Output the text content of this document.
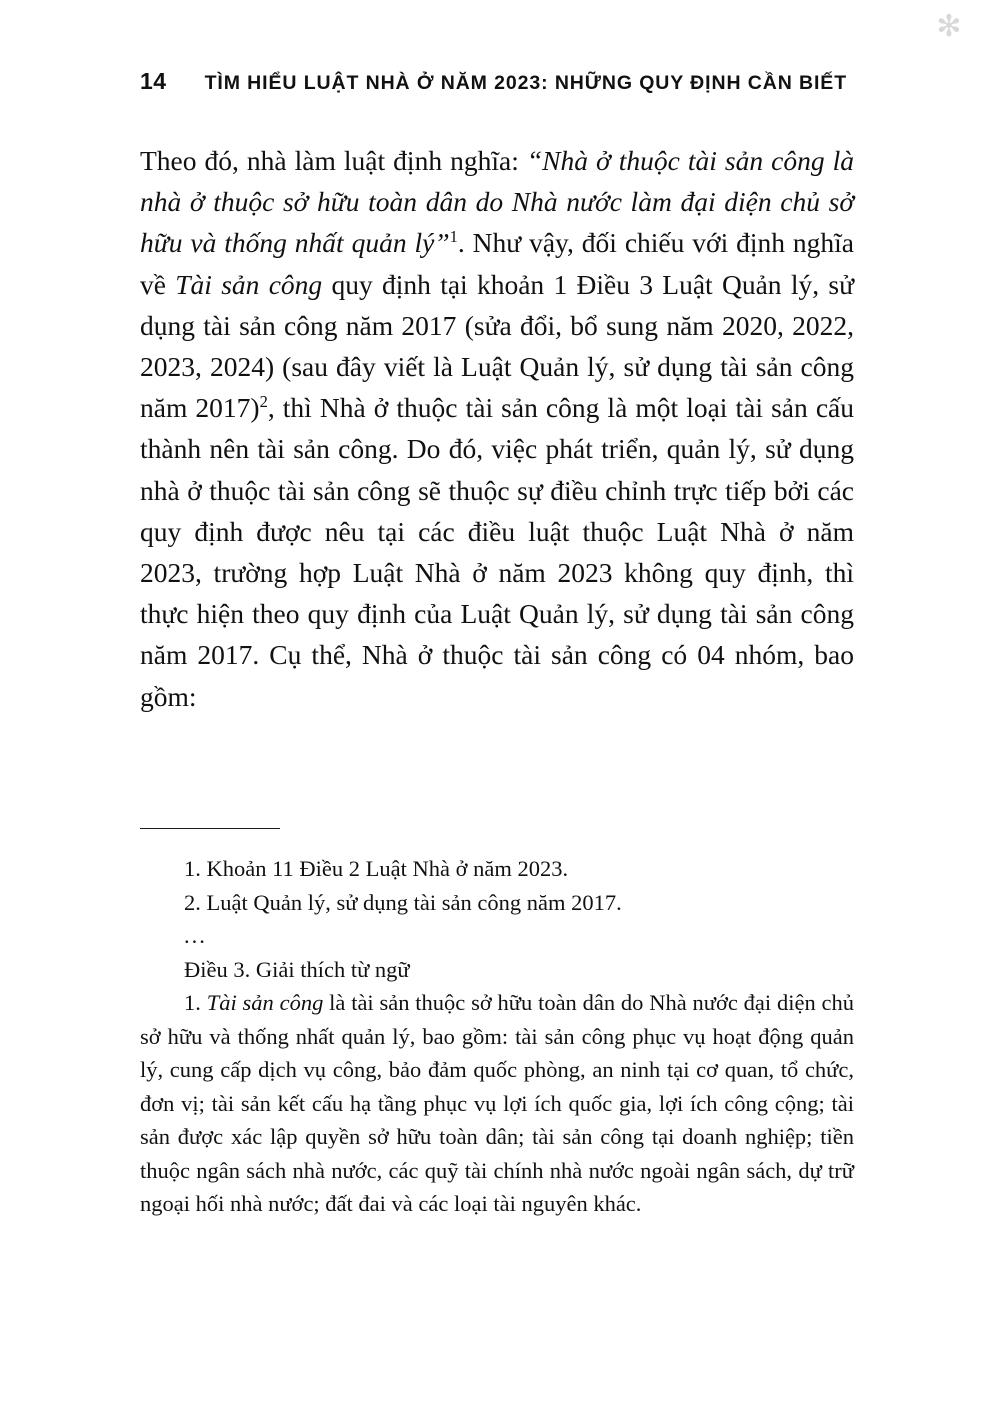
✻
14 TÌM HIỂU LUẬT NHÀ Ở NĂM 2023: NHỮNG QUY ĐỊNH CẦN BIẾT

Theo đó, nhà làm luật định nghĩa: “Nhà ở thuộc tài sản công là nhà ở thuộc sở hữu toàn dân do Nhà nước làm đại diện chủ sở hữu và thống nhất quản lý”$^1$. Như vậy, đối chiếu với định nghĩa về Tài sản công quy định tại khoản 1 Điều 3 Luật Quản lý, sử dụng tài sản công năm 2017 (sửa đổi, bổ sung năm 2020, 2022, 2023, 2024) (sau đây viết là Luật Quản lý, sử dụng tài sản công năm 2017)$^2$, thì Nhà ở thuộc tài sản công là một loại tài sản cấu thành nên tài sản công. Do đó, việc phát triển, quản lý, sử dụng nhà ở thuộc tài sản công sẽ thuộc sự điều chỉnh trực tiếp bởi các quy định được nêu tại các điều luật thuộc Luật Nhà ở năm 2023, trường hợp Luật Nhà ở năm 2023 không quy định, thì thực hiện theo quy định của Luật Quản lý, sử dụng tài sản công năm 2017. Cụ thể, Nhà ở thuộc tài sản công có 04 nhóm, bao gồm:

1. Khoản 11 Điều 2 Luật Nhà ở năm 2023.

2. Luật Quản lý, sử dụng tài sản công năm 2017.

...

Điều 3. Giải thích từ ngữ

1. Tài sản công là tài sản thuộc sở hữu toàn dân do Nhà nước đại diện chủ sở hữu và thống nhất quản lý, bao gồm: tài sản công phục vụ hoạt động quản lý, cung cấp dịch vụ công, bảo đảm quốc phòng, an ninh tại cơ quan, tổ chức, đơn vị; tài sản kết cấu hạ tầng phục vụ lợi ích quốc gia, lợi ích công cộng; tài sản được xác lập quyền sở hữu toàn dân; tài sản công tại doanh nghiệp; tiền thuộc ngân sách nhà nước, các quỹ tài chính nhà nước ngoài ngân sách, dự trữ ngoại hối nhà nước; đất đai và các loại tài nguyên khác.
